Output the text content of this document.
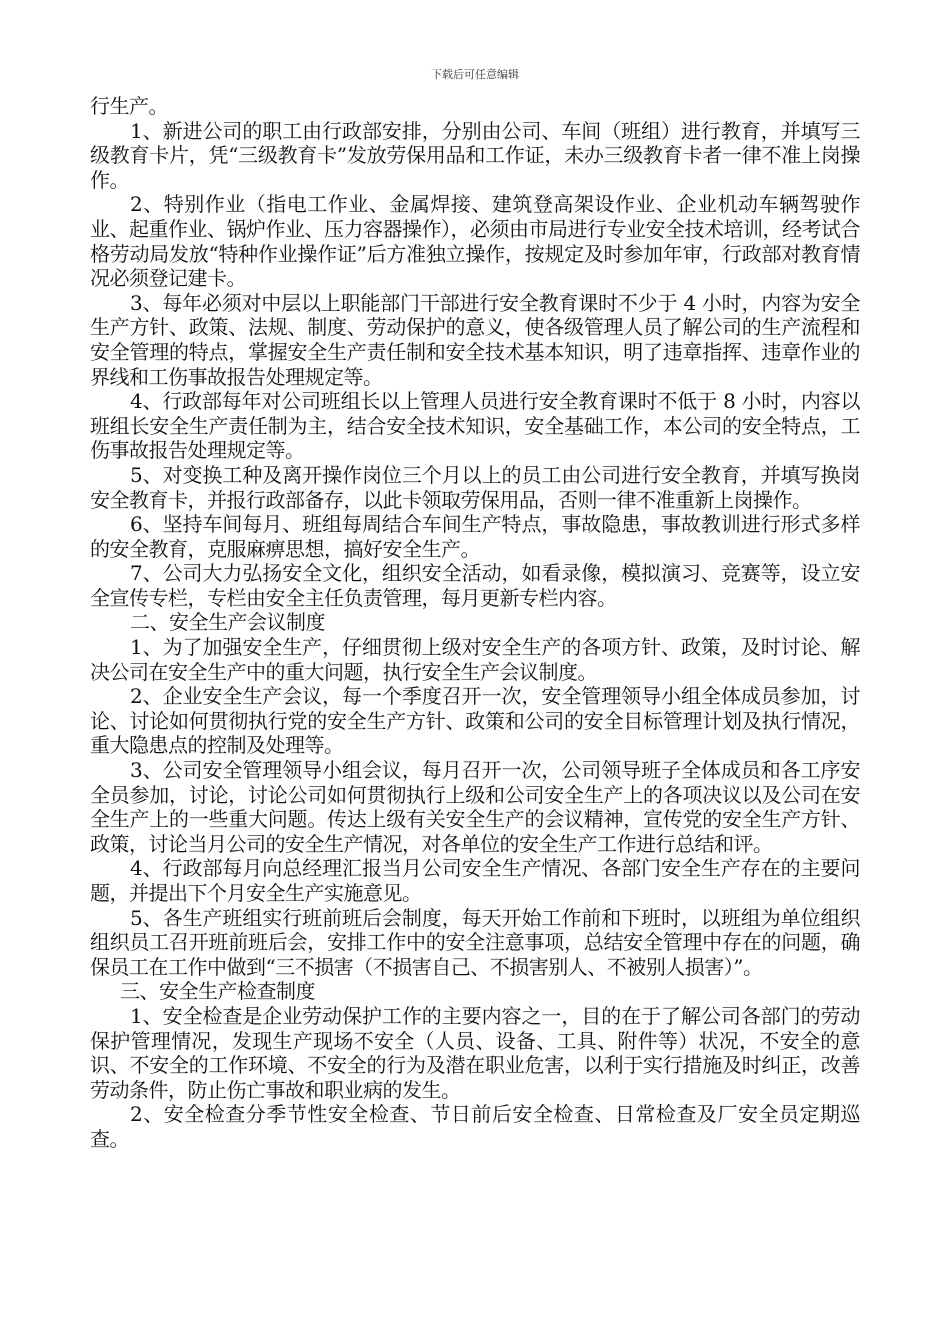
下载后可任意编辑

行生产。

1、新进公司的职工由行政部安排，分别由公司、车间（班组）进行教育，并填写三级教育卡片，凭“三级教育卡”发放劳保用品和工作证，未办三级教育卡者一律不准上岗操作。

2、特别作业（指电工作业、金属焊接、建筑登高架设作业、企业机动车辆驾驶作业、起重作业、锅炉作业、压力容器操作），必须由市局进行专业安全技术培训，经考试合格劳动局发放“特种作业操作证”后方准独立操作，按规定及时参加年审，行政部对教育情况必须登记建卡。

3、每年必须对中层以上职能部门干部进行安全教育课时不少于 4 小时，内容为安全生产方针、政策、法规、制度、劳动保护的意义，使各级管理人员了解公司的生产流程和安全管理的特点，掌握安全生产责任制和安全技术基本知识，明了违章指挥、违章作业的界线和工伤事故报告处理规定等。

4、行政部每年对公司班组长以上管理人员进行安全教育课时不低于 8 小时，内容以班组长安全生产责任制为主，结合安全技术知识，安全基础工作，本公司的安全特点，工伤事故报告处理规定等。

5、对变换工种及离开操作岗位三个月以上的员工由公司进行安全教育，并填写换岗安全教育卡，并报行政部备存，以此卡领取劳保用品，否则一律不准重新上岗操作。

6、坚持车间每月、班组每周结合车间生产特点，事故隐患，事故教训进行形式多样的安全教育，克服麻痹思想，搞好安全生产。

7、公司大力弘扬安全文化，组织安全活动，如看录像，模拟演习、竞赛等，设立安全宣传专栏，专栏由安全主任负责管理，每月更新专栏内容。

二、安全生产会议制度

1、为了加强安全生产，仔细贯彻上级对安全生产的各项方针、政策，及时讨论、解决公司在安全生产中的重大问题，执行安全生产会议制度。

2、企业安全生产会议，每一个季度召开一次，安全管理领导小组全体成员参加，讨论、讨论如何贯彻执行党的安全生产方针、政策和公司的安全目标管理计划及执行情况，重大隐患点的控制及处理等。

3、公司安全管理领导小组会议，每月召开一次，公司领导班子全体成员和各工序安全员参加，讨论，讨论公司如何贯彻执行上级和公司安全生产上的各项决议以及公司在安全生产上的一些重大问题。传达上级有关安全生产的会议精神，宣传党的安全生产方针、政策，讨论当月公司的安全生产情况，对各单位的安全生产工作进行总结和评。

4、行政部每月向总经理汇报当月公司安全生产情况、各部门安全生产存在的主要问题，并提出下个月安全生产实施意见。

5、各生产班组实行班前班后会制度，每天开始工作前和下班时，以班组为单位组织组织员工召开班前班后会，安排工作中的安全注意事项，总结安全管理中存在的问题，确保员工在工作中做到“三不损害（不损害自己、不损害别人、不被别人损害）”。

三、安全生产检查制度

1、安全检查是企业劳动保护工作的主要内容之一，目的在于了解公司各部门的劳动保护管理情况，发现生产现场不安全（人员、设备、工具、附件等）状况，不安全的意识、不安全的工作环境、不安全的行为及潜在职业危害，以利于实行措施及时纠正，改善劳动条件，防止伤亡事故和职业病的发生。

2、安全检查分季节性安全检查、节日前后安全检查、日常检查及厂安全员定期巡查。
